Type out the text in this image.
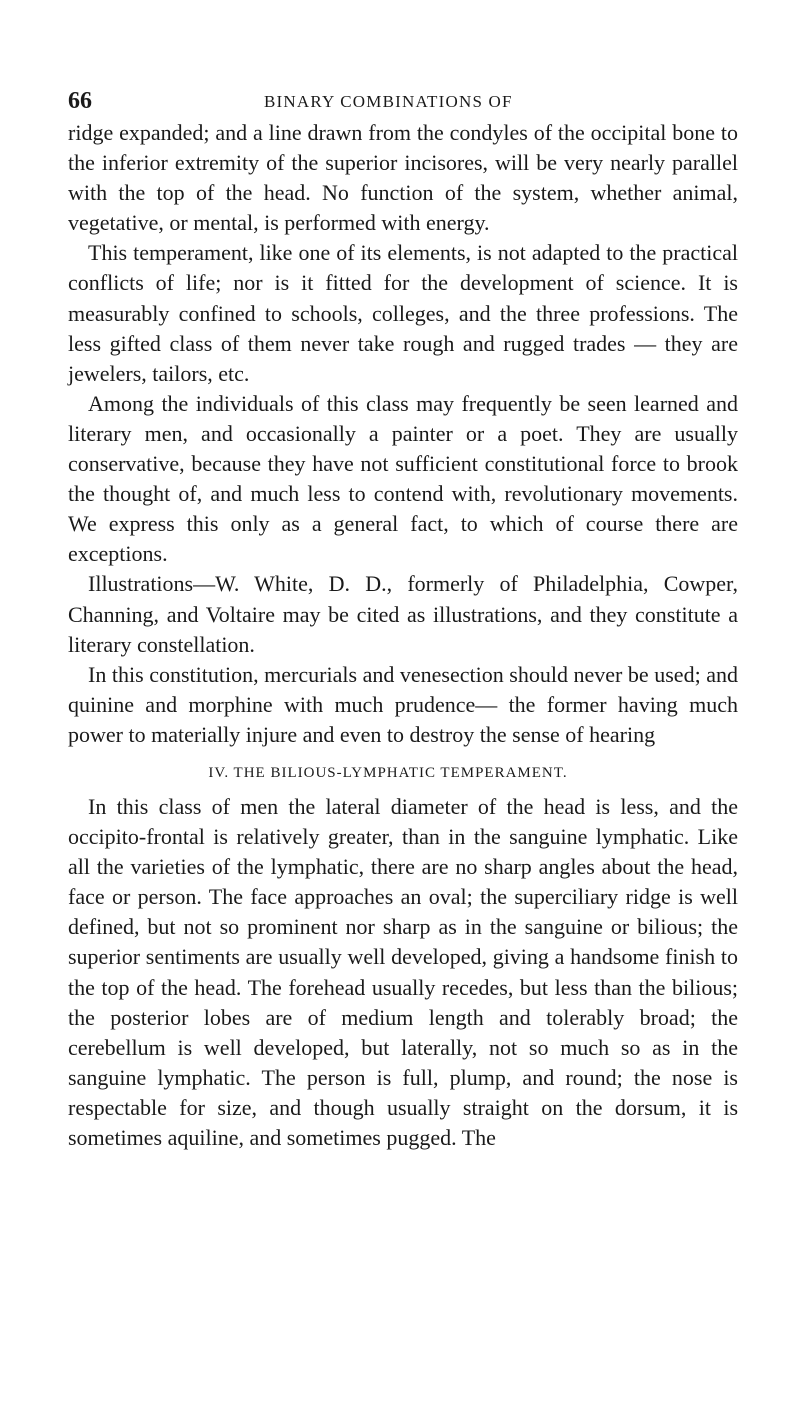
66	BINARY COMBINATIONS OF

ridge expanded; and a line drawn from the condyles of the occipital bone to the inferior extremity of the superior incisores, will be very nearly parallel with the top of the head. No function of the system, whether animal, vegetative, or mental, is performed with energy.

This temperament, like one of its elements, is not adapted to the practical conflicts of life; nor is it fitted for the development of science. It is measurably confined to schools, colleges, and the three professions. The less gifted class of them never take rough and rugged trades — they are jewelers, tailors, etc.

Among the individuals of this class may frequently be seen learned and literary men, and occasionally a painter or a poet. They are usually conservative, because they have not sufficient constitutional force to brook the thought of, and much less to contend with, revolutionary movements. We express this only as a general fact, to which of course there are exceptions.

Illustrations—W. White, D. D., formerly of Philadelphia, Cowper, Channing, and Voltaire may be cited as illustrations, and they constitute a literary constellation.

In this constitution, mercurials and venesection should never be used; and quinine and morphine with much prudence— the former having much power to materially injure and even to destroy the sense of hearing

IV. THE BILIOUS-LYMPHATIC TEMPERAMENT.

In this class of men the lateral diameter of the head is less, and the occipito-frontal is relatively greater, than in the sanguine lymphatic. Like all the varieties of the lymphatic, there are no sharp angles about the head, face or person. The face approaches an oval; the superciliary ridge is well defined, but not so prominent nor sharp as in the sanguine or bilious; the superior sentiments are usually well developed, giving a handsome finish to the top of the head. The forehead usually recedes, but less than the bilious; the posterior lobes are of medium length and tolerably broad; the cerebellum is well developed, but laterally, not so much so as in the sanguine lymphatic. The person is full, plump, and round; the nose is respectable for size, and though usually straight on the dorsum, it is sometimes aquiline, and sometimes pugged. The
